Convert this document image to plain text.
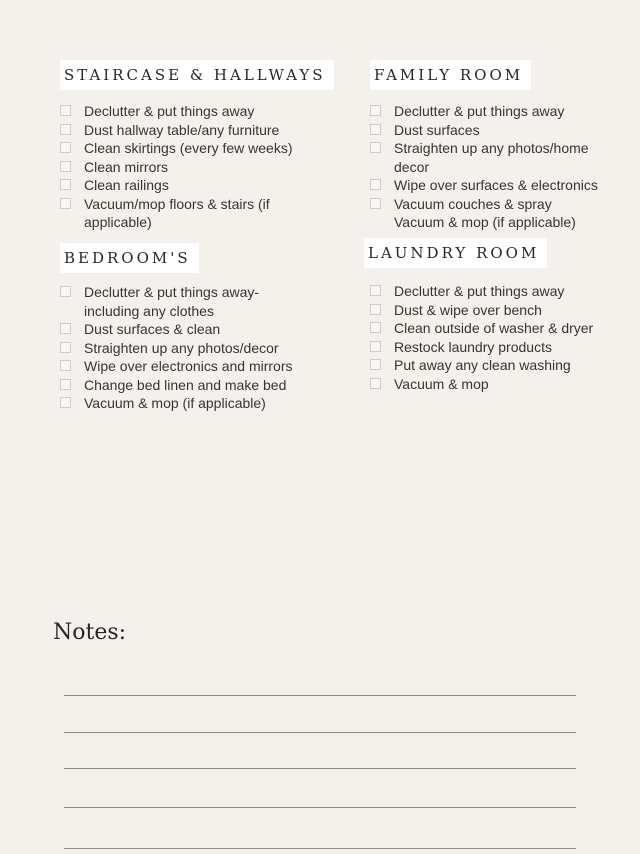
STAIRCASE & HALLWAYS
Declutter & put things away
Dust hallway table/any furniture
Clean skirtings (every few weeks)
Clean mirrors
Clean railings
Vacuum/mop floors & stairs (if applicable)
FAMILY ROOM
Declutter & put things away
Dust surfaces
Straighten up any photos/home decor
Wipe over surfaces & electronics
Vacuum couches & spray
Vacuum & mop (if applicable)
BEDROOM'S
Declutter & put things away- including any clothes
Dust surfaces & clean
Straighten up any photos/decor
Wipe over electronics and mirrors
Change bed linen and make bed
Vacuum & mop (if applicable)
LAUNDRY ROOM
Declutter & put things away
Dust & wipe over bench
Clean outside of washer & dryer
Restock laundry products
Put away any clean washing
Vacuum & mop
Notes:
